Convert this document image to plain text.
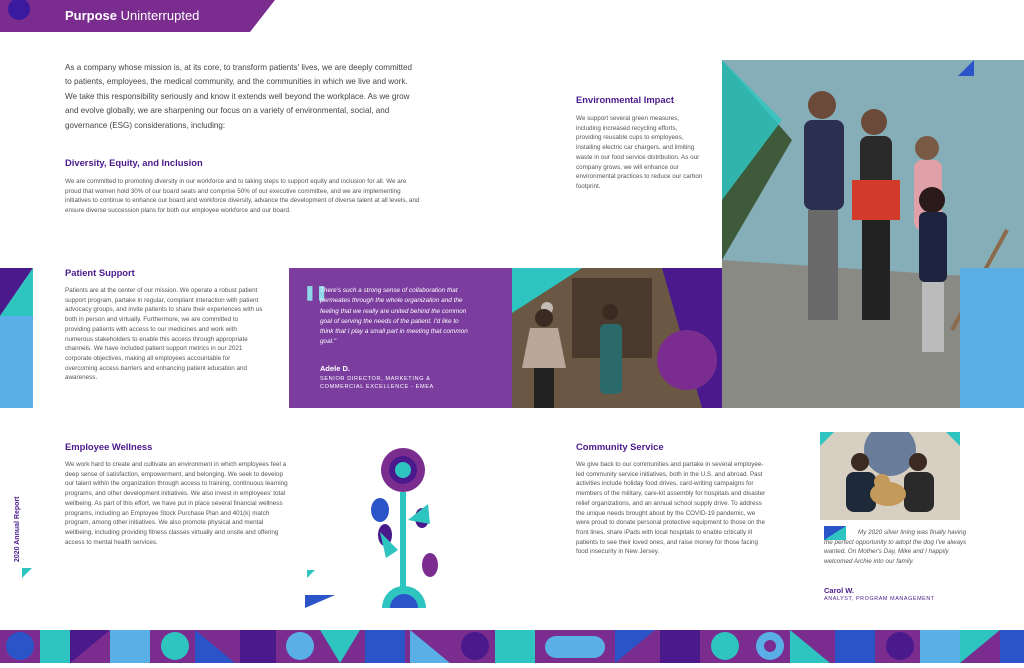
Purpose Uninterrupted
As a company whose mission is, at its core, to transform patients' lives, we are deeply committed to patients, employees, the medical community, and the communities in which we live and work. We take this responsibility seriously and know it extends well beyond the workplace. As we grow and evolve globally, we are sharpening our focus on a variety of environmental, social, and governance (ESG) considerations, including:
Diversity, Equity, and Inclusion
We are committed to promoting diversity in our workforce and to taking steps to support equity and inclusion for all. We are proud that women hold 30% of our board seats and comprise 50% of our executive committee, and we are implementing initiatives to continue to enhance our board and workforce diversity, advance the development of diverse talent at all levels, and ensure diverse succession plans for both our employee workforce and our board.
Environmental Impact
We support several green measures, including increased recycling efforts, providing reusable cups to employees, installing electric car chargers, and limiting waste in our food service distribution. As our company grows, we will enhance our environmental practices to reduce our carbon footprint.
Patient Support
Patients are at the center of our mission. We operate a robust patient support program, partake in regular, compliant interaction with patient advocacy groups, and invite patients to share their experiences with us both in person and virtually. Furthermore, we are committed to providing patients with access to our medicines and work with numerous stakeholders to enable this access through appropriate channels. We have included patient support metrics in our 2021 corporate objectives, making all employees accountable for overcoming access barriers and enhancing patient education and awareness.
❚❚
There's such a strong sense of collaboration that permeates through the whole organization and the feeling that we really are united behind the common goal of serving the needs of the patient. I'd like to think that I play a small part in meeting that common goal."
Adele D.
SENIOR DIRECTOR, MARKETING & COMMERCIAL EXCELLENCE - EMEA
Employee Wellness
We work hard to create and cultivate an environment in which employees feel a deep sense of satisfaction, empowerment, and belonging. We seek to develop our talent within the organization through access to training, continuous learning programs, and other development initiatives. We also invest in employees' total wellbeing. As part of this effort, we have put in place several financial wellness programs, including an Employee Stock Purchase Plan and 401(k) match program, among other initiatives. We also promote physical and mental wellbeing, including providing fitness classes virtually and onsite and offering access to mental health services.
Community Service
We give back to our communities and partake in several employee-led community service initiatives, both in the U.S. and abroad. Past activities include holiday food drives, card-writing campaigns for members of the military, care-kit assembly for hospitals and disaster relief organizations, and an annual school supply drive. To address the unique needs brought about by the COVID-19 pandemic, we were proud to donate personal protective equipment to those on the front lines, share iPads with local hospitals to enable critically ill patients to see their loved ones, and raise money for those facing food insecurity in New Jersey.
My 2020 silver lining was finally having the perfect opportunity to adopt the dog I've always wanted. On Mother's Day, Mike and I happily welcomed Archie into our family.
Carol W.
ANALYST, PROGRAM MANAGEMENT
2020 Annual Report
